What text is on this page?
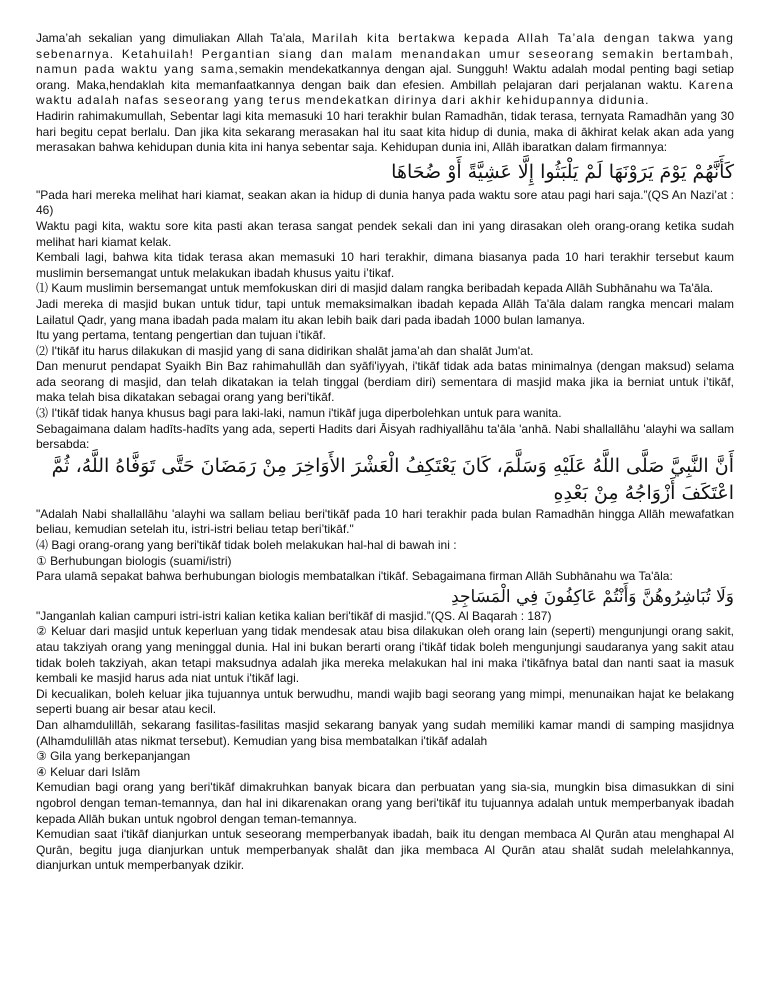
Jama’ah sekalian yang dimuliakan Allah Ta’ala, Marilah kita bertakwa kepada Allah Ta’ala dengan takwa yang sebenarnya. Ketahuilah! Pergantian siang dan malam menandakan umur seseorang semakin bertambah, namun pada waktu yang sama,semakin mendekatkannya dengan ajal. Sungguh! Waktu adalah modal penting bagi setiap orang. Maka,hendaklah kita memanfaatkannya dengan baik dan efesien. Ambillah pelajaran dari perjalanan waktu. Karena waktu adalah nafas seseorang yang terus mendekatkan dirinya dari akhir kehidupannya didunia.

Hadirin rahimakumullah, Sebentar lagi kita memasuki 10 hari terakhir bulan Ramadhān, tidak terasa, ternyata Ramadhān yang 30 hari begitu cepat berlalu. Dan jika kita sekarang merasakan hal itu saat kita hidup di dunia, maka di ākhirat kelak akan ada yang merasakan bahwa kehidupan dunia kita ini hanya sebentar saja. Kehidupan dunia ini, Allāh ibaratkan dalam firmannya:

كَأَنَّهُمْ يَوْمَ يَرَوْنَهَا لَمْ يَلْبَثُوا إِلَّا عَشِيَّةً أَوْ ضُحَاهَا

"Pada hari mereka melihat hari kiamat, seakan akan ia hidup di dunia hanya pada waktu sore atau pagi hari saja.”(QS An Nazi’at : 46)

Waktu pagi kita, waktu sore kita pasti akan terasa sangat pendek sekali dan ini yang dirasakan oleh orang-orang ketika sudah melihat hari kiamat kelak.

Kembali lagi, bahwa kita tidak terasa akan memasuki 10 hari terakhir, dimana biasanya pada 10 hari terakhir tersebut kaum muslimin bersemangat untuk melakukan ibadah khusus yaitu i’tikaf.

⑴ Kaum muslimin bersemangat untuk memfokuskan diri di masjid dalam rangka beribadah kepada Allāh Subhānahu wa Ta'āla.

Jadi mereka di masjid bukan untuk tidur, tapi untuk memaksimalkan ibadah kepada Allāh Ta'āla dalam rangka mencari malam Lailatul Qadr, yang mana ibadah pada malam itu akan lebih baik dari pada ibadah 1000 bulan lamanya.

Itu yang pertama, tentang pengertian dan tujuan i'tikāf.

⑵ I'tikāf itu harus dilakukan di masjid yang di sana didirikan shalāt jama’ah dan shalāt Jum'at.

Dan menurut pendapat Syaikh Bin Baz rahimahullāh dan syāfi'iyyah, i'tikāf tidak ada batas minimalnya (dengan maksud) selama ada seorang di masjid, dan telah dikatakan ia telah tinggal (berdiam diri) sementara di masjid maka jika ia berniat untuk i’tikāf, maka telah bisa dikatakan sebagai orang yang beri'tikāf.

⑶ I'tikāf tidak hanya khusus bagi para laki-laki, namun i'tikāf juga diperbolehkan untuk para wanita.

Sebagaimana dalam hadīts-hadīts yang ada, seperti Hadits dari Āisyah radhiyallāhu ta'āla 'anhā. Nabi shallallāhu 'alayhi wa sallam bersabda:

أَنَّ النَّبِيَّ صَلَّى اللَّهُ عَلَيْهِ وَسَلَّمَ، كَانَ يَعْتَكِفُ الْعَشْرَ الأَوَاخِرَ مِنْ رَمَضَانَ حَتَّى تَوَفَّاهُ اللَّهُ، ثُمَّ اعْتَكَفَ أَزْوَاجُهُ مِنْ بَعْدِهِ

"Adalah Nabi shallallāhu 'alayhi wa sallam beliau beri'tikāf pada 10 hari terakhir pada bulan Ramadhān hingga Allāh mewafatkan beliau, kemudian setelah itu, istri-istri beliau tetap beri’tikāf."

⑷ Bagi orang-orang yang beri'tikāf tidak boleh melakukan hal-hal di bawah ini :

① Berhubungan biologis (suami/istri)

Para ulamā sepakat bahwa berhubungan biologis membatalkan i'tikāf. Sebagaimana firman Allāh Subhānahu wa Ta'āla:

وَلَا تُبَاشِرُوهُنَّ وَأَنْتُمْ عَاكِفُونَ فِي الْمَسَاجِدِ

"Janganlah kalian campuri istri-istri kalian ketika kalian beri'tikāf di masjid.”(QS. Al Baqarah : 187)

② Keluar dari masjid untuk keperluan yang tidak mendesak atau bisa dilakukan oleh orang lain (seperti) mengunjungi orang sakit, atau takziyah orang yang meninggal dunia. Hal ini bukan berarti orang i'tikāf tidak boleh mengunjungi saudaranya yang sakit atau tidak boleh takziyah, akan tetapi maksudnya adalah jika mereka melakukan hal ini maka i'tikāfnya batal dan nanti saat ia masuk kembali ke masjid harus ada niat untuk i'tikāf lagi.

Di kecualikan, boleh keluar jika tujuannya untuk berwudhu, mandi wajib bagi seorang yang mimpi, menunaikan hajat ke belakang seperti buang air besar atau kecil.

Dan alhamdulillāh, sekarang fasilitas-fasilitas masjid sekarang banyak yang sudah memiliki kamar mandi di samping masjidnya (Alhamdulillāh atas nikmat tersebut). Kemudian yang bisa membatalkan i'tikāf adalah

③ Gila yang berkepanjangan

④ Keluar dari Islām

Kemudian bagi orang yang beri'tikāf dimakruhkan banyak bicara dan perbuatan yang sia-sia, mungkin bisa dimasukkan di sini ngobrol dengan teman-temannya, dan hal ini dikarenakan orang yang beri'tikāf itu tujuannya adalah untuk memperbanyak ibadah kepada Allāh bukan untuk ngobrol dengan teman-temannya.

Kemudian saat i'tikāf dianjurkan untuk seseorang memperbanyak ibadah, baik itu dengan membaca Al Qurān atau menghapal Al Qurān, begitu juga dianjurkan untuk memperbanyak shalāt dan jika membaca Al Qurān atau shalāt sudah melelahkannya, dianjurkan untuk memperbanyak dzikir.
